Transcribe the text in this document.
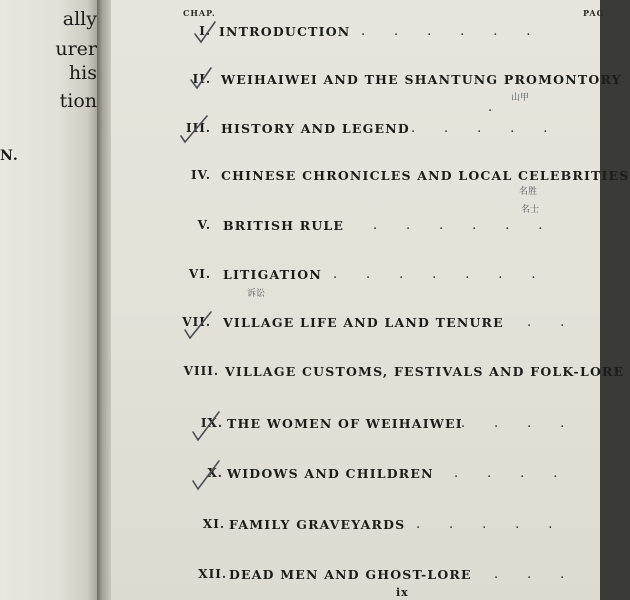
ally
urer
his
tion
N.
CHAP.	PAG
I. INTRODUCTION .       .       .       .       .       .
II. WEIHAIWEI AND THE SHANTUNG PROMONTORY
山甲
.
III. HISTORY AND LEGEND .       .       .       .       .
IV. CHINESE CHRONICLES AND LOCAL CELEBRITIES
名胜
名士
V. BRITISH RULE .       .       .       .       .       .
VI. LITIGATION .       .       .       .       .       .       .
诉讼
VII. VILLAGE LIFE AND LAND TENURE
.       .       .
VIII. VILLAGE CUSTOMS, FESTIVALS AND FOLK-LORE
IX. THE WOMEN OF WEIHAIWEI
.       .       .       .
X. WIDOWS AND CHILDREN
.       .       .       .       .
XI. FAMILY GRAVEYARDS .       .       .       .       .
XII. DEAD MEN AND GHOST-LORE
.       .       .       .
ix
